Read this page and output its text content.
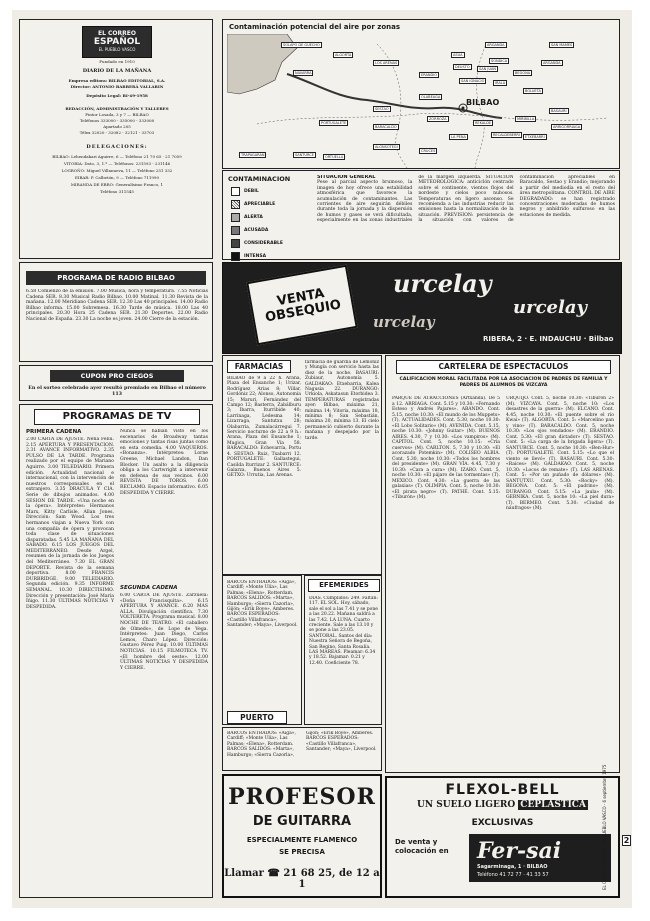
EL CORREO
ESPAÑOL
EL PUEBLO VASCO
Fundado en 1910
DIARIO DE LA MAÑANA
Empresa editora: BILBAO EDITORIAL, S.A.
Director: ANTONIO BARBERÁ VALLARIN
Depósito Legal: BI-49-1958
REDACCIÓN, ADMINISTRACIÓN Y TALLERES
Pintor Losada, 3 y 7 — BILBAO
Teléfonos 333000 - 335000 - 333008
Apartado 205
Télex 32020 - 32082 - 32121 - 33703
DELEGACIONES:
BILBAO: Lehendakari Aguirre, 6 — Teléfono 21 70 65 · 21 7059
VITORIA: Dato, 3, 1.º — Teléfonos: 231593 - 231146
LOGROÑO: Miguel Villanueva, 11 — Teléfono 251 332
EIBAR: P. Calbetón, 9 — Teléfono 711990
MIRANDA DE EBRO: Generalísimo Franco, 1
Teléfono 311545
Contaminación potencial del aire por zonas
BILBAO
SOLAPO DE GUECHO	ARGANDA
ARGANDA
SAN MAMES
NAVARRA
SANTURCE
DEUSTO
ALGORTA
LOS ARENAS
ERANDIO
ASUA
SONDICA
SESTAO
PORTUGALETE
BARACALDO
ZORROZA
BOLUETA
BASAURI
ARRIGORRIAGA
ORTUELLA
TRAPAGARAN
CRUCES
RECALDEBERRI
SAN IGNACIO
OLABEAGA
IRALA
LA PEÑA
REKALDE
MIRIBILLA
ETXEBARRI
ALONSOTEGI
SAN JUAN
BEGOÑA
CONTAMINACION
DEBIL
APRECIABLE
ALERTA
ACUSADA
CONSIDERABLE
INTENSA
SITUACION GENERAL
Pese al parcial aspecto brumoso, la imagen de hoy ofrece una estabilidad atmosférica que favorece la acumulación de contaminantes. Las corrientes de aire seguirán débiles durante toda la jornada y la dispersión de humos y gases se verá dificultada, especialmente en las zonas industriales de la margen izquierda. SITUACION METEOROLOGICA: anticiclón centrado sobre el continente, vientos flojos del nordeste y cielos poco nubosos. Temperaturas en ligero ascenso. Se recomienda a las industrias reducir las emisiones hasta la normalización de la situación. PREVISION: persistencia de la situación con valores de contaminación apreciables en Baracaldo, Sestao y Erandio; mejorando a partir del mediodía en el resto del área metropolitana. CONTROL DE AIRE DEGRADADO: se han registrado concentraciones moderadas de humos negros y anhídrido sulfuroso en las estaciones de medida.
PROGRAMA DE RADIO BILBAO
6.58 Comienzo de la emisión. 7.00 Música, hora y temperatura. 7.55 Noticias Cadena SER. 8.30 Musical Radio Bilbao. 10.00 Matinal. 11.30 Revista de la mañana. 12.00 Meridiano Cadena SER. 12.30 Las 40 principales. 14.00 Radio Bilbao informa. 15.00 Sobremesa. 16.30 Tarde de música. 18.00 Las 40 principales. 20.30 Hora 25 Cadena SER. 21.30 Deportes. 22.00 Radio Nacional de España. 23.30 La noche es joven. 24.00 Cierre de la estación.
VENTA OBSEQUIO
urcelay
urcelay
urcelay
RIBERA, 2 · E. INDAUCHU · Bilbao
CUPON PRO CIEGOS
En el sorteo celebrado ayer resultó premiado en Bilbao el número 113
PROGRAMAS DE TV
PRIMERA CADENA
2.00 CARTA DE AJUSTE. Nena Feliu. 2.15 APERTURA Y PRESENTACION. 2.31 AVANCE INFORMATIVO. 2.35 PULSO DE LA TARDE. Programa realizado por el equipo de Mariano Aguirre. 3.00 TELEDIARIO. Primera edición. Actualidad nacional e internacional, con la intervención de nuestros corresponsales en el extranjero. 3.35 DRÁCULA Y CIA. Serie de dibujos animados. 4.00 SESION DE TARDE. «Una noche en la ópera». Intérpretes: Hermanos Marx, Kitty Carlisle, Allan Jones. Dirección: Sam Wood. Los tres hermanos viajan a Nueva York con una compañía de ópera y provocan toda clase de situaciones disparatadas. 5.45 LA MAÑANA DEL SÁBADO. 6.15 LOS JUEGOS DEL MEDITERRÁNEO. Desde Argel, resumen de la jornada de los Juegos del Mediterráneo. 7.30 EL GRAN DEPORTE. Revista de la semana deportiva. 8.00 FRANCIS DURBRIDGE. 9.00 TELEDIARIO. Segunda edición. 9.35 INFORME SEMANAL. 10.30 DIRECTISIMO. Dirección y presentación: José María Íñigo. 11.30 ÚLTIMAS NOTICIAS Y DESPEDIDA.
Nunca se habían visto en los escenarios de Broadway tantas emociones y tantas risas juntas como en esta comedia. 4.00 VAQUEROS. «Bonanza». Intérpretes: Lorne Greene, Michael Landon, Dan Blocker. Un asalto a la diligencia obliga a los Cartwright a intervenir en defensa de sus vecinos. 6.00 REVISTA DE TOROS. 6.00 RECLAMO. Espacio informativo. 6.05 DESPEDIDA Y CIERRE.
SEGUNDA CADENA
6.00 CARTA DE AJUSTE. Zarzuela: «Doña Francisquita». 6.15 APERTURA Y AVANCE. 6.20 MAS ALLA. Divulgación científica. 7.30 VOLTERETA. Programa musical. 8.00 NOCHE DE TEATRO. «El caballero de Olmedo», de Lope de Vega. Intérpretes: Juan Diego, Carlos Lemos, Charo López. Dirección: Gustavo Pérez Puig. 10.00 ÚLTIMAS NOTICIAS. 10.15 FILMOTECA TV. «El hombre del oeste». 12.00 ÚLTIMAS NOTICIAS Y DESPEDIDA Y CIERRE.
FARMACIAS
BILBAO de 9 a 22 h. Arana, Plaza del Ensanche 1; Urízar, Rodríguez Arias 8; Villar, Gordóniz 22; Alonso, Autonomía 15; Maruri, Fernández del Campo 12; Basterra, Zabálburu 3; Ibarra, Iturribide 40; Larrinaga, Ledesma 14; Lizarraga, Santutxu 28; Olabarría, Zumalacárregui 7. Servicio nocturno de 22 a 9 h.: Arana, Plaza del Ensanche 1; Mugica, Gran Vía 58. BARACALDO: Echevarría, Portu 4. SESTAO: Ruiz, Txabarri 12. PORTUGALETE: Gallastegui, Casilda Iturrizar 2. SANTURCE: Galarza, Buenos Aires 5. GETXO: Urrutia, Las Arenas.
farmacia de guardia de Lemóniz y Mungía con servicio hasta las diez de la noche. BASAURI: Zubiaur, Autonomía 5. GALDAKAO: Etxebarria, Kalea Nagusia 22. DURANGO: Urkiola, Askatasun Etorbidea 3. TEMPERATURAS registradas ayer: Bilbao, máxima 21, mínima 14; Vitoria, máxima 18, mínima 8; San Sebastián, máxima 20, mínima 13. El cielo permaneció cubierto durante la mañana y despejado por la tarde.
EFEMERIDES
DIAS. Cumplidos: 249. Faltan: 117. EL SOL. Hoy, sábado, sale el sol a las 7.41 y se pone a las 20.22. Mañana saldrá a las 7.42. LA LUNA. Cuarto creciente. Sale a las 13.10 y se pone a las 23.05. SANTORAL. Santos del día: Nuestra Señora de Begoña, San Regino, Santa Rosalía. LAS MAREAS. Pleamar: 6.34 y 18.52. Bajamar: 0.21 y 12.40. Coeficiente 78.
PUERTO
BARCOS ENTRADOS: «Aiga», Cardiff; «Monte Ulía», Las Palmas; «Elena», Rotterdam. BARCOS SALIDOS: «Marta», Hamburgo; «Sierra Cazorla», Gijón; «Erik Boye», Amberes. BARCOS ESPERADOS: «Castillo Villafranca», Santander; «Maya», Liverpool.
BARCOS ENTRADOS: «Aiga», Cardiff; «Monte Ulía», Las Palmas; «Elena», Rotterdam. BARCOS SALIDOS: «Marta», Hamburgo; «Sierra Cazorla», Gijón; «Erik Boye», Amberes. BARCOS ESPERADOS: «Castillo Villafranca», Santander; «Maya», Liverpool.
PROFESOR
DE GUITARRA
ESPECIALMENTE FLAMENCO
SE PRECISA
Llamar ☎ 21 68 25, de 12 a 1
CARTELERA DE ESPECTACULOS
CALIFICACION MORAL FACILITADA POR LA ASOCIACION DE PADRES DE FAMILIA Y PADRES DE ALUMNOS DE VIZCAYA
PARQUE DE ATRACCIONES (Artxanda). De 5 a 12. ARRIAGA. Cont. 5.15 y 10.30: «Fernando Esteso y Andrés Pajares». ABANDO. Cont. 5.15, noche 10.30: «El mundo de los Muppets» (T). ACTUALIDADES. Cont. 5.30, noche 10.30: «El Lobo Solitario» (M). AVENIDA. Cont. 5.15, noche 10.30: «Johnny Guitar» (M). BUENOS AIRES. 4.30, 7 y 10.30: «Los vampiros» (M). CAPITOL. Cont. 5, noche 10.15: «Cría cuervos» (M). CARLTON. 5, 7.30 y 10.30: «El acorazado Potemkin» (M). COLISEO ALBIA. Cont. 5.30, noche 10.30: «Todos los hombres del presidente» (M). GRAN VÍA. 4.45, 7.30 y 10.30: «Cara a cara» (M). IZARO. Cont. 5, noche 10.30: «El pájaro de las tormentas» (T). MEXICO. Cont. 4.30: «La guerra de las galaxias» (T). OLIMPIA. Cont. 5, noche 10.30: «El pirata negro» (T). PATHÉ. Cont. 5.15: «Tiburón» (M).
URQUIJO. Cont. 5, noche 10.30: «Tiburón 2» (M). VIZCAYA. Cont. 5, noche 10: «Los desastres de la guerra» (M). ELCANO. Cont. 4.45, noche 10.30: «El puente sobre el río Kwai» (T). ALGORTA. Cont. 5: «Marcelino pan y vino» (T). BARACALDO. Cont. 5, noche 10.30: «Los ojos vendados» (M). ERANDIO. Cont. 5.30: «El gran dictador» (T). SESTAO. Cont. 5: «La carga de la brigada ligera» (T). SANTURCE. Cont. 5, noche 10.30: «Ben-Hur» (T). PORTUGALETE. Cont. 5.15: «Lo que el viento se llevó» (T). BASAURI. Cont. 5.30: «Raíces» (M). GALDAKAO. Cont. 5, noche 10.30: «Locos de remate» (T). LAS ARENAS. Cont. 5: «Por un puñado de dólares» (M). SANTUTXU. Cont. 5.30: «Rocky» (M). BEGOÑA. Cont. 5: «El padrino» (M). DURANGO. Cont. 5.15: «La jaula» (M). GERNIKA. Cont. 5, noche 10: «La piel dura» (T). BERMEO. Cont. 5.30: «Ciudad de náufragos» (M).
FLEXOL-BELL
UN SUELO LIGERO CEPLASTICA
EXCLUSIVAS
De venta y colocación en	Fer-sai
Sagarminaga, 1 · BILBAO
Teléfono 41 72 77 · 41 33 57	EL CORREO ESPAÑOL - EL PUEBLO VASCO · 6 septiembre 1975 2
